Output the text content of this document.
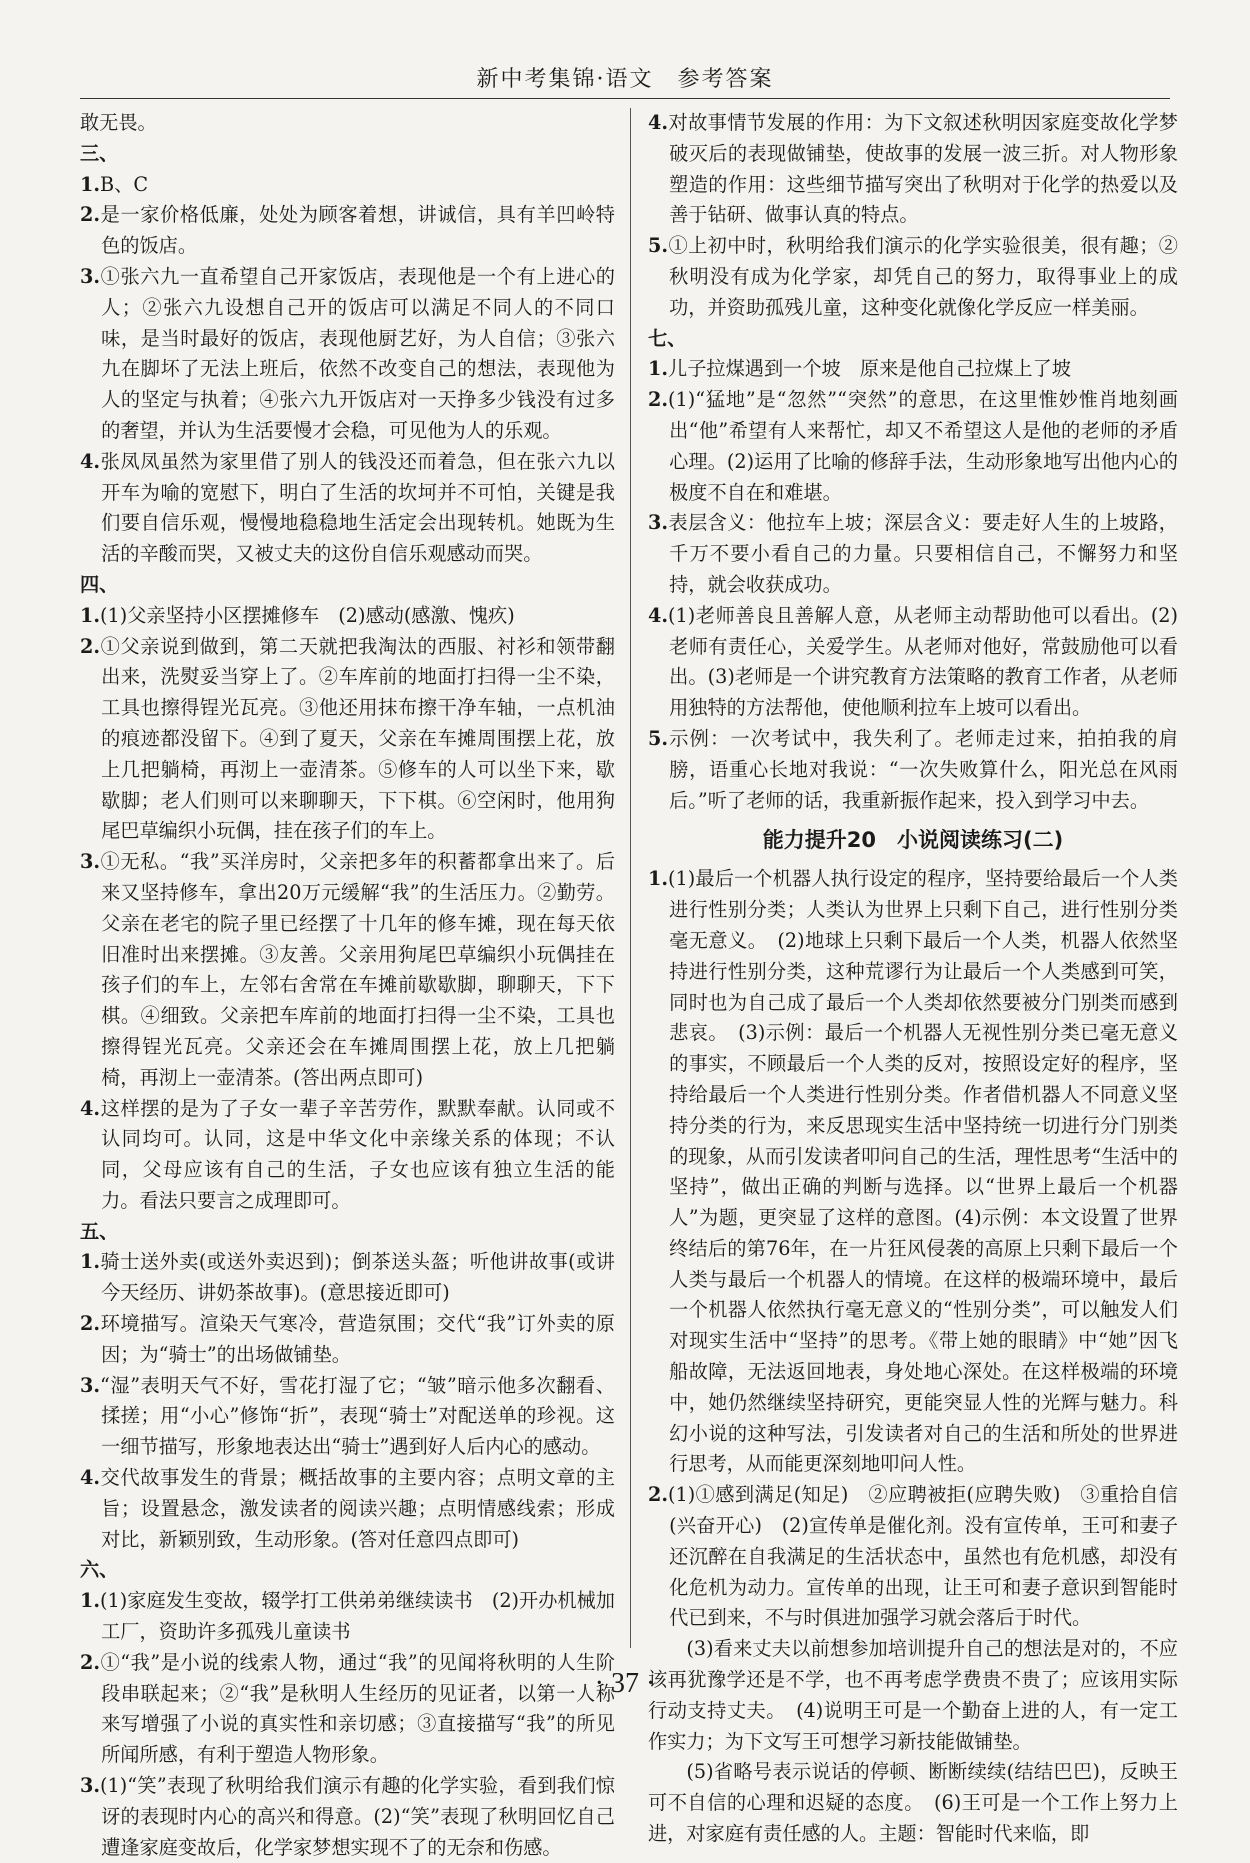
新中考集锦·语文　参考答案
敢无畏。
三、
1.B、C
2.是一家价格低廉，处处为顾客着想，讲诚信，具有羊凹岭特色的饭店。
3.①张六九一直希望自己开家饭店，表现他是一个有上进心的人；②张六九设想自己开的饭店可以满足不同人的不同口味，是当时最好的饭店，表现他厨艺好，为人自信；③张六九在脚坏了无法上班后，依然不改变自己的想法，表现他为人的坚定与执着；④张六九开饭店对一天挣多少钱没有过多的奢望，并认为生活要慢才会稳，可见他为人的乐观。
4.张凤凤虽然为家里借了别人的钱没还而着急，但在张六九以开车为喻的宽慰下，明白了生活的坎坷并不可怕，关键是我们要自信乐观，慢慢地稳稳地生活定会出现转机。她既为生活的辛酸而哭，又被丈夫的这份自信乐观感动而哭。
四、
1.(1)父亲坚持小区摆摊修车　(2)感动(感激、愧疚)
2.①父亲说到做到，第二天就把我淘汰的西服、衬衫和领带翻出来，洗熨妥当穿上了。②车库前的地面打扫得一尘不染，工具也擦得锃光瓦亮。③他还用抹布擦干净车轴，一点机油的痕迹都没留下。④到了夏天，父亲在车摊周围摆上花，放上几把躺椅，再沏上一壶清茶。⑤修车的人可以坐下来，歇歇脚；老人们则可以来聊聊天，下下棋。⑥空闲时，他用狗尾巴草编织小玩偶，挂在孩子们的车上。
3.①无私。“我”买洋房时，父亲把多年的积蓄都拿出来了。后来又坚持修车，拿出20万元缓解“我”的生活压力。②勤劳。父亲在老宅的院子里已经摆了十几年的修车摊，现在每天依旧准时出来摆摊。③友善。父亲用狗尾巴草编织小玩偶挂在孩子们的车上，左邻右舍常在车摊前歇歇脚，聊聊天，下下棋。④细致。父亲把车库前的地面打扫得一尘不染，工具也擦得锃光瓦亮。父亲还会在车摊周围摆上花，放上几把躺椅，再沏上一壶清茶。(答出两点即可)
4.这样摆的是为了子女一辈子辛苦劳作，默默奉献。认同或不认同均可。认同，这是中华文化中亲缘关系的体现；不认同，父母应该有自己的生活，子女也应该有独立生活的能力。看法只要言之成理即可。
五、
1.骑士送外卖(或送外卖迟到)；倒茶送头盔；听他讲故事(或讲今天经历、讲奶茶故事)。(意思接近即可)
2.环境描写。渲染天气寒冷，营造氛围；交代“我”订外卖的原因；为“骑士”的出场做铺垫。
3.“湿”表明天气不好，雪花打湿了它；“皱”暗示他多次翻看、揉搓；用“小心”修饰“折”，表现“骑士”对配送单的珍视。这一细节描写，形象地表达出“骑士”遇到好人后内心的感动。
4.交代故事发生的背景；概括故事的主要内容；点明文章的主旨；设置悬念，激发读者的阅读兴趣；点明情感线索；形成对比，新颖别致，生动形象。(答对任意四点即可)
六、
1.(1)家庭发生变故，辍学打工供弟弟继续读书　(2)开办机械加工厂，资助许多孤残儿童读书
2.①“我”是小说的线索人物，通过“我”的见闻将秋明的人生阶段串联起来；②“我”是秋明人生经历的见证者，以第一人称来写增强了小说的真实性和亲切感；③直接描写“我”的所见所闻所感，有利于塑造人物形象。
3.(1)“笑”表现了秋明给我们演示有趣的化学实验，看到我们惊讶的表现时内心的高兴和得意。(2)“笑”表现了秋明回忆自己遭逢家庭变故后，化学家梦想实现不了的无奈和伤感。
4.对故事情节发展的作用：为下文叙述秋明因家庭变故化学梦破灭后的表现做铺垫，使故事的发展一波三折。对人物形象塑造的作用：这些细节描写突出了秋明对于化学的热爱以及善于钻研、做事认真的特点。
5.①上初中时，秋明给我们演示的化学实验很美，很有趣；②秋明没有成为化学家，却凭自己的努力，取得事业上的成功，并资助孤残儿童，这种变化就像化学反应一样美丽。
七、
1.儿子拉煤遇到一个坡　原来是他自己拉煤上了坡
2.(1)“猛地”是“忽然”“突然”的意思，在这里惟妙惟肖地刻画出“他”希望有人来帮忙，却又不希望这人是他的老师的矛盾心理。(2)运用了比喻的修辞手法，生动形象地写出他内心的极度不自在和难堪。
3.表层含义：他拉车上坡；深层含义：要走好人生的上坡路，千万不要小看自己的力量。只要相信自己，不懈努力和坚持，就会收获成功。
4.(1)老师善良且善解人意，从老师主动帮助他可以看出。(2)老师有责任心，关爱学生。从老师对他好，常鼓励他可以看出。(3)老师是一个讲究教育方法策略的教育工作者，从老师用独特的方法帮他，使他顺利拉车上坡可以看出。
5.示例：一次考试中，我失利了。老师走过来，拍拍我的肩膀，语重心长地对我说：“一次失败算什么，阳光总在风雨后。”听了老师的话，我重新振作起来，投入到学习中去。
能力提升20　小说阅读练习(二)
1.(1)最后一个机器人执行设定的程序，坚持要给最后一个人类进行性别分类；人类认为世界上只剩下自己，进行性别分类毫无意义。　(2)地球上只剩下最后一个人类，机器人依然坚持进行性别分类，这种荒谬行为让最后一个人类感到可笑，同时也为自己成了最后一个人类却依然要被分门别类而感到悲哀。　(3)示例：最后一个机器人无视性别分类已毫无意义的事实，不顾最后一个人类的反对，按照设定好的程序，坚持给最后一个人类进行性别分类。作者借机器人不同意义坚持分类的行为，来反思现实生活中坚持统一切进行分门别类的现象，从而引发读者叩问自己的生活，理性思考“生活中的坚持”，做出正确的判断与选择。以“世界上最后一个机器人”为题，更突显了这样的意图。(4)示例：本文设置了世界终结后的第76年，在一片狂风侵袭的高原上只剩下最后一个人类与最后一个机器人的情境。在这样的极端环境中，最后一个机器人依然执行毫无意义的“性别分类”，可以触发人们对现实生活中“坚持”的思考。《带上她的眼睛》中“她”因飞船故障，无法返回地表，身处地心深处。在这样极端的环境中，她仍然继续坚持研究，更能突显人性的光辉与魅力。科幻小说的这种写法，引发读者对自己的生活和所处的世界进行思考，从而能更深刻地叩问人性。
2.(1)①感到满足(知足)　②应聘被拒(应聘失败)　③重拾自信(兴奋开心)　(2)宣传单是催化剂。没有宣传单，王可和妻子还沉醉在自我满足的生活状态中，虽然也有危机感，却没有化危机为动力。宣传单的出现，让王可和妻子意识到智能时代已到来，不与时俱进加强学习就会落后于时代。
(3)看来丈夫以前想参加培训提升自己的想法是对的，不应该再犹豫学还是不学，也不再考虑学费贵不贵了；应该用实际行动支持丈夫。　(4)说明王可是一个勤奋上进的人，有一定工作实力；为下文写王可想学习新技能做铺垫。
(5)省略号表示说话的停顿、断断续续(结结巴巴)，反映王可不自信的心理和迟疑的态度。　(6)王可是一个工作上努力上进，对家庭有责任感的人。主题：智能时代来临，即
· 37 ·
